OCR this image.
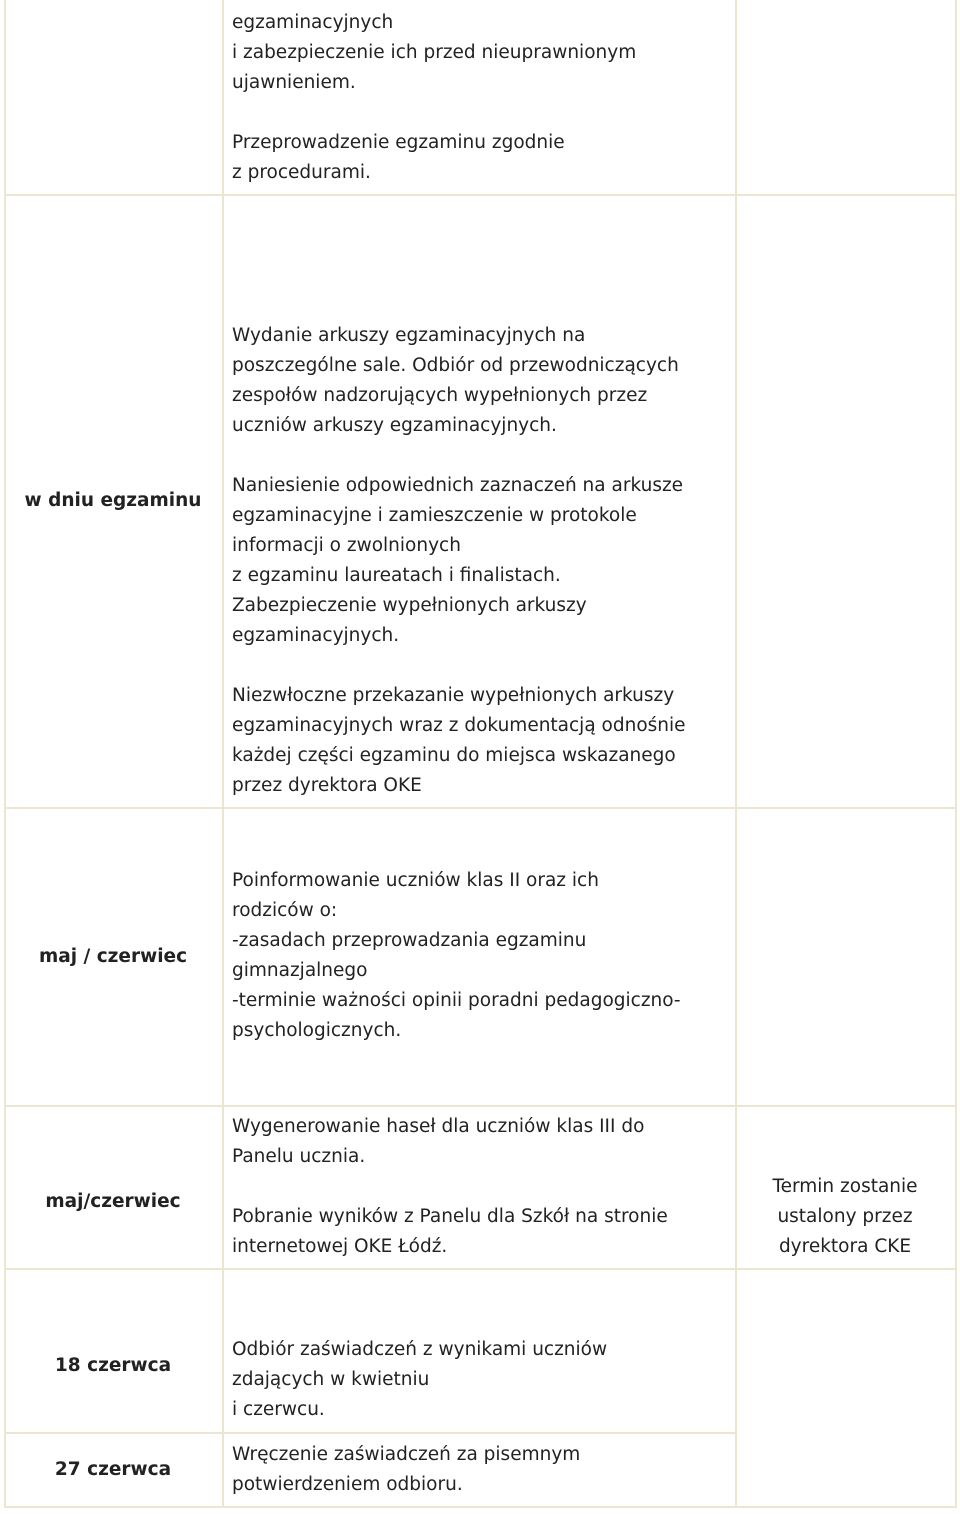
egzaminacyjnych
i zabezpieczenie ich przed nieuprawnionym
ujawnieniem.
Przeprowadzenie egzaminu zgodnie
z procedurami.
w dniu egzaminu
Wydanie arkuszy egzaminacyjnych na
poszczególne sale. Odbiór od przewodniczących
zespołów nadzorujących wypełnionych przez
uczniów arkuszy egzaminacyjnych.
Naniesienie odpowiednich zaznaczeń na arkusze
egzaminacyjne i zamieszczenie w protokole
informacji o zwolnionych
z egzaminu laureatach i finalistach.
Zabezpieczenie wypełnionych arkuszy
egzaminacyjnych.
Niezwłoczne przekazanie wypełnionych arkuszy
egzaminacyjnych wraz z dokumentacją odnośnie
każdej części egzaminu do miejsca wskazanego
przez dyrektora OKE
maj / czerwiec
Poinformowanie uczniów klas II oraz ich
rodziców o:
-zasadach przeprowadzania egzaminu
gimnazjalnego
-terminie ważności opinii poradni pedagogiczno-
psychologicznych.
maj/czerwiec
Wygenerowanie haseł dla uczniów klas III do
Panelu ucznia.
Pobranie wyników z Panelu dla Szkół na stronie
internetowej OKE Łódź.
Termin zostanie
ustalony przez
dyrektora CKE
18 czerwca
Odbiór zaświadczeń z wynikami uczniów
zdających w kwietniu
i czerwcu.
27 czerwca
Wręczenie zaświadczeń za pisemnym
potwierdzeniem odbioru.
